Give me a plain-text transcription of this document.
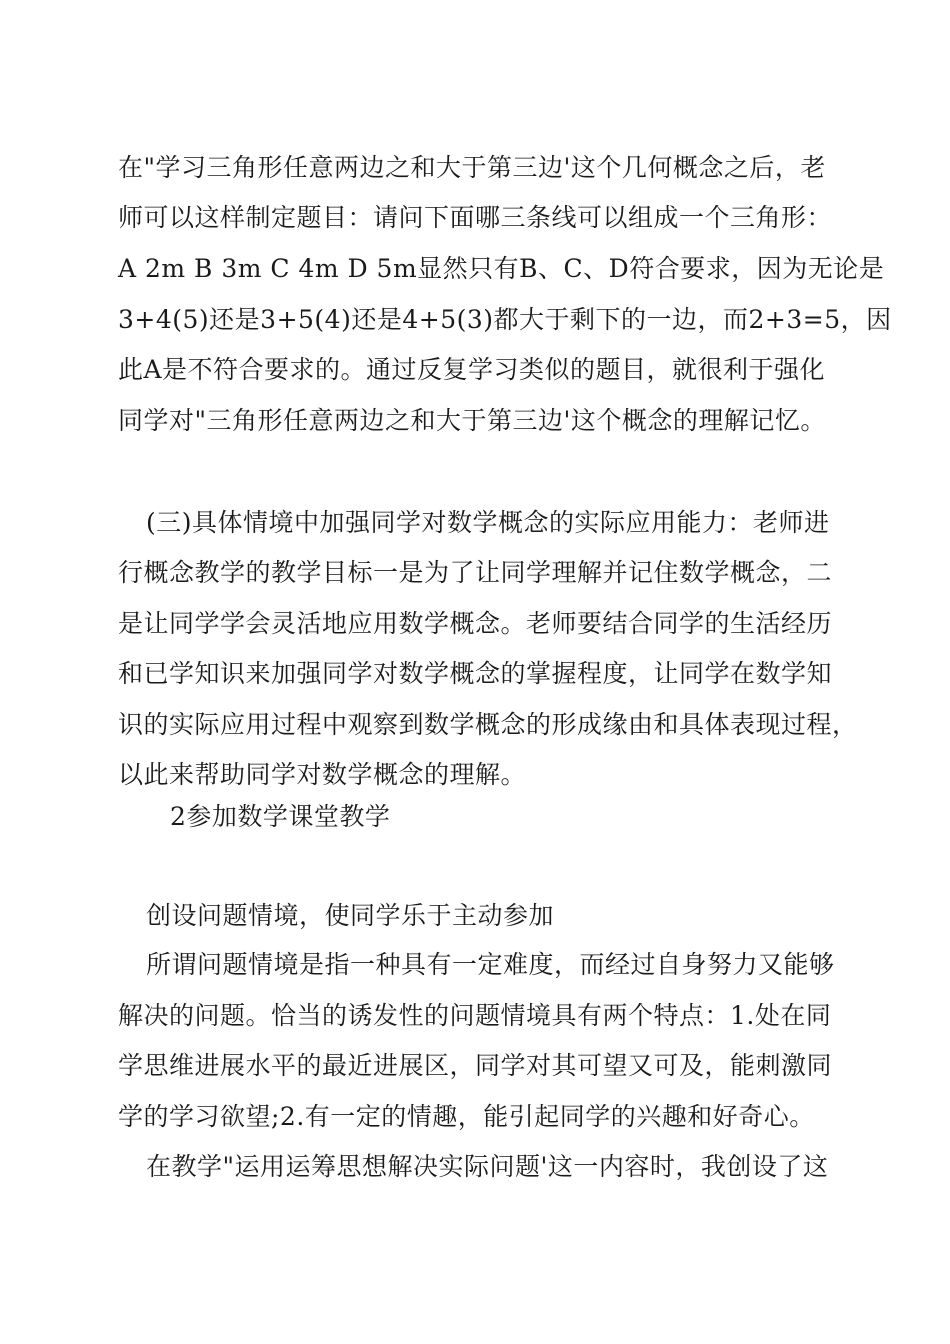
在"学习三角形任意两边之和大于第三边'这个几何概念之后，老
师可以这样制定题目：请问下面哪三条线可以组成一个三角形：
A 2m B 3m C 4m D 5m显然只有B、C、D符合要求，因为无论是
3+4(5)还是3+5(4)还是4+5(3)都大于剩下的一边，而2+3=5，因
此A是不符合要求的。通过反复学习类似的题目，就很利于强化
同学对"三角形任意两边之和大于第三边'这个概念的理解记忆。
(三)具体情境中加强同学对数学概念的实际应用能力：老师进
行概念教学的教学目标一是为了让同学理解并记住数学概念，二
是让同学学会灵活地应用数学概念。老师要结合同学的生活经历
和已学知识来加强同学对数学概念的掌握程度，让同学在数学知
识的实际应用过程中观察到数学概念的形成缘由和具体表现过程，
以此来帮助同学对数学概念的理解。
2参加数学课堂教学
创设问题情境，使同学乐于主动参加
所谓问题情境是指一种具有一定难度，而经过自身努力又能够
解决的问题。恰当的诱发性的问题情境具有两个特点：1.处在同
学思维进展水平的最近进展区，同学对其可望又可及，能刺激同
学的学习欲望;2.有一定的情趣，能引起同学的兴趣和好奇心。
在教学"运用运筹思想解决实际问题'这一内容时，我创设了这
